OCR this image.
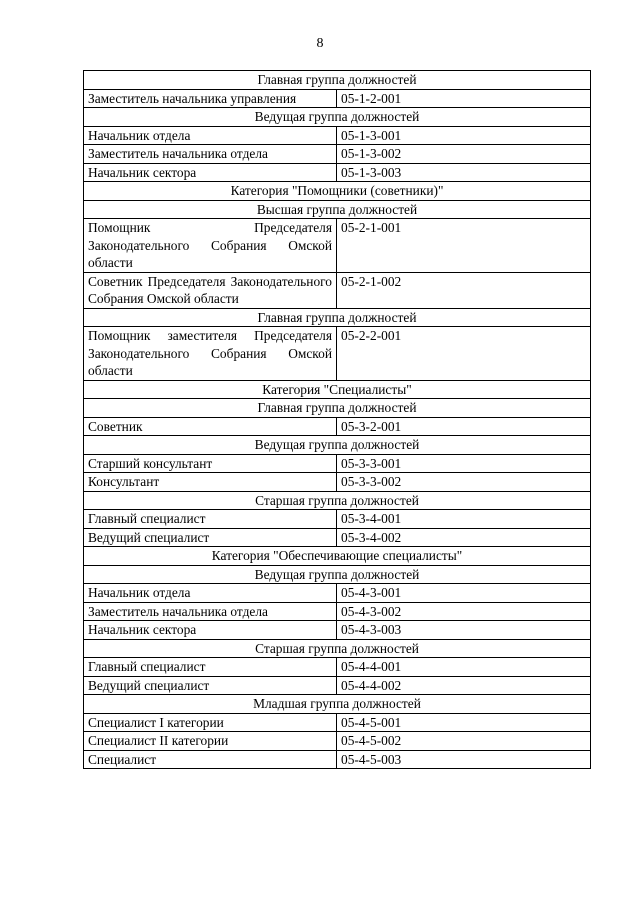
8
Главная группа должностей	
Заместитель начальника управления	05-1-2-001
Ведущая группа должностей	
Начальник отдела	05-1-3-001
Заместитель начальника отдела	05-1-3-002
Начальник сектора	05-1-3-003
Категория "Помощники (советники)"	
Высшая группа должностей	
Помощник Председателя Законодательного Собрания Омской области	05-2-1-001
Советник Председателя Законодательного Собрания Омской области	05-2-1-002
Главная группа должностей	
Помощник заместителя Председателя Законодательного Собрания Омской области	05-2-2-001
Категория "Специалисты"	
Главная группа должностей	
Советник	05-3-2-001
Ведущая группа должностей	
Старший консультант	05-3-3-001
Консультант	05-3-3-002
Старшая группа должностей	
Главный специалист	05-3-4-001
Ведущий специалист	05-3-4-002
Категория "Обеспечивающие специалисты"	
Ведущая группа должностей	
Начальник отдела	05-4-3-001
Заместитель начальника отдела	05-4-3-002
Начальник сектора	05-4-3-003
Старшая группа должностей	
Главный специалист	05-4-4-001
Ведущий специалист	05-4-4-002
Младшая группа должностей	
Специалист I категории	05-4-5-001
Специалист II категории	05-4-5-002
Специалист	05-4-5-003
